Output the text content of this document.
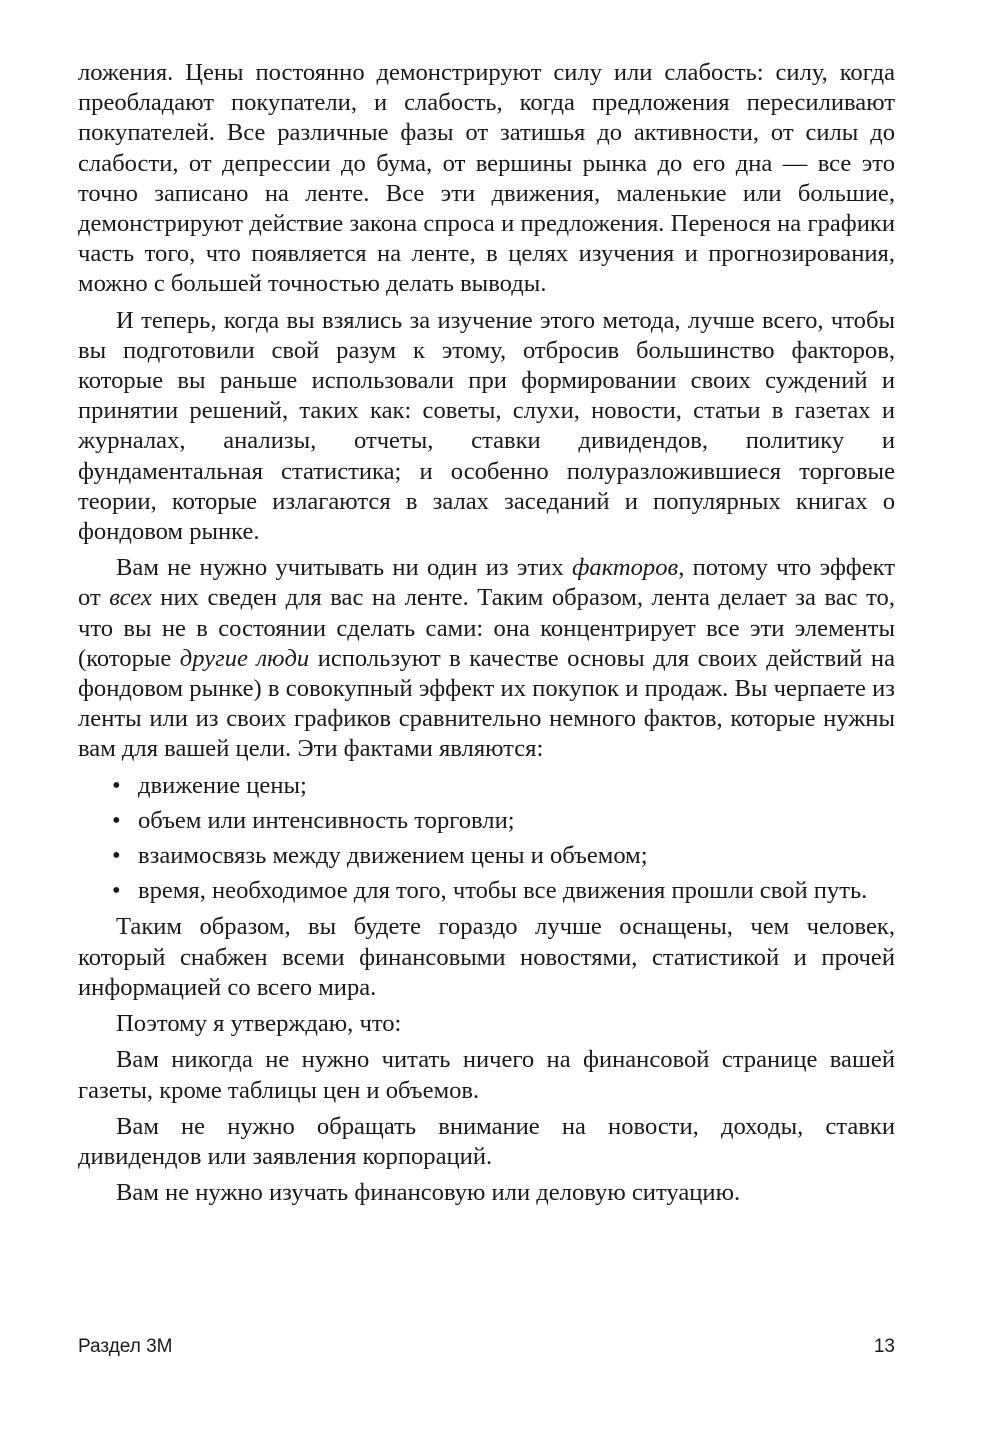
ложения. Цены постоянно демонстрируют силу или слабость: силу, когда преобладают покупатели, и слабость, когда предложения пересиливают покупателей. Все различные фазы от затишья до активности, от силы до слабости, от депрессии до бума, от вершины рынка до его дна — все это точно записано на ленте. Все эти движения, маленькие или большие, демонстрируют действие закона спроса и предложения. Перенося на графики часть того, что появляется на ленте, в целях изучения и прогнозирования, можно с большей точностью делать выводы.

И теперь, когда вы взялись за изучение этого метода, лучше всего, чтобы вы подготовили свой разум к этому, отбросив большинство факторов, которые вы раньше использовали при формировании своих суждений и принятии решений, таких как: советы, слухи, новости, статьи в газетах и журналах, анализы, отчеты, ставки дивидендов, политику и фундаментальная статистика; и особенно полуразложившиеся торговые теории, которые излагаются в залах заседаний и популярных книгах о фондовом рынке.

Вам не нужно учитывать ни один из этих факторов, потому что эффект от всех них сведен для вас на ленте. Таким образом, лента делает за вас то, что вы не в состоянии сделать сами: она концентрирует все эти элементы (которые другие люди используют в качестве основы для своих действий на фондовом рынке) в совокупный эффект их покупок и продаж. Вы черпаете из ленты или из своих графиков сравнительно немного фактов, которые нужны вам для вашей цели. Эти фактами являются:

• движение цены;
• объем или интенсивность торговли;
• взаимосвязь между движением цены и объемом;
• время, необходимое для того, чтобы все движения прошли свой путь.

Таким образом, вы будете гораздо лучше оснащены, чем человек, который снабжен всеми финансовыми новостями, статистикой и прочей информацией со всего мира.

Поэтому я утверждаю, что:

Вам никогда не нужно читать ничего на финансовой странице вашей газеты, кроме таблицы цен и объемов.

Вам не нужно обращать внимание на новости, доходы, ставки дивидендов или заявления корпораций.

Вам не нужно изучать финансовую или деловую ситуацию.

Раздел 3М	13
